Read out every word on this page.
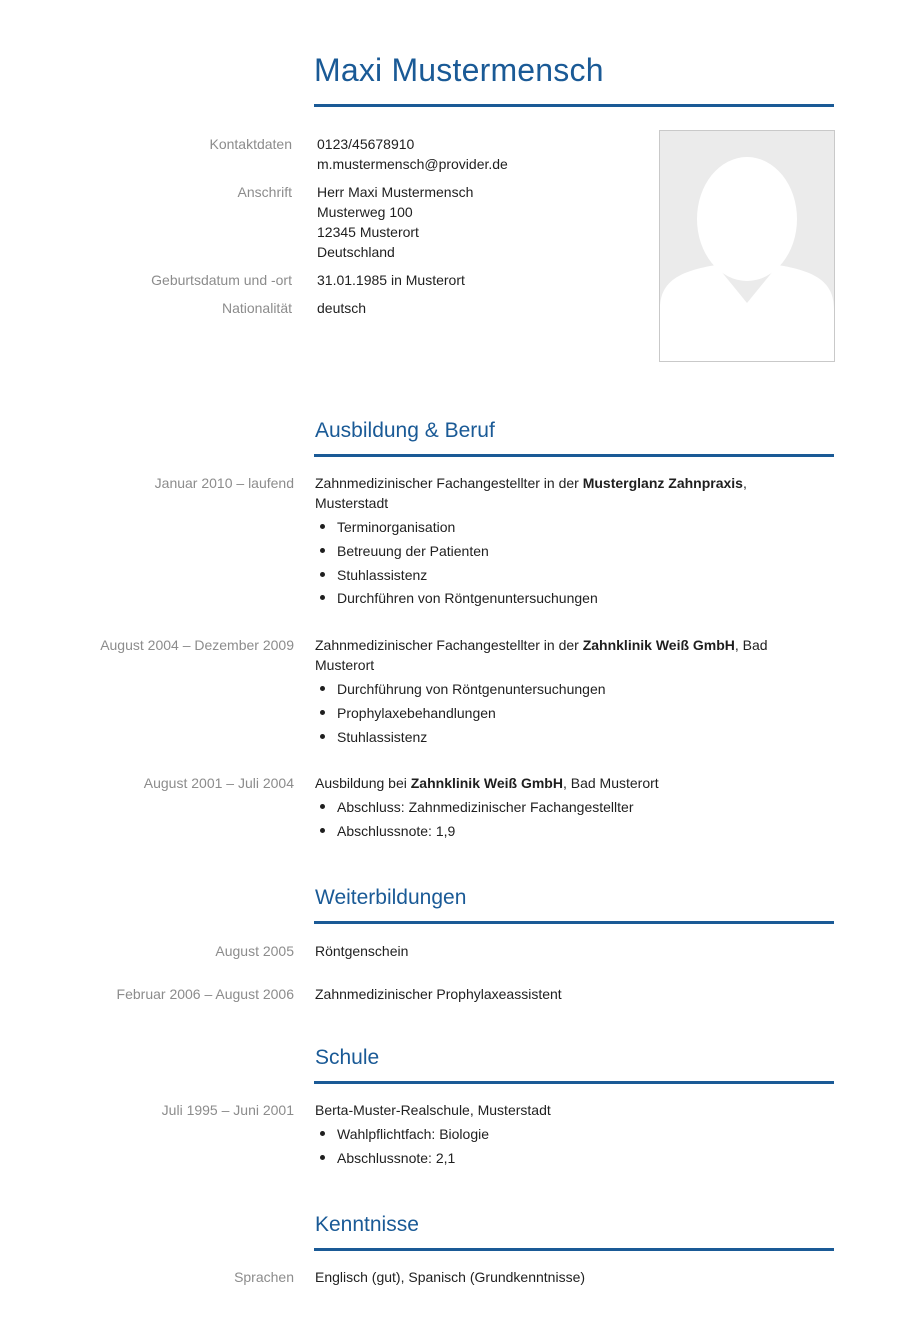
Maxi Mustermensch
Kontaktdaten 0123/45678910
m.mustermensch@provider.de
Anschrift Herr Maxi Mustermensch
Musterweg 100
12345 Musterort
Deutschland
Geburtsdatum und -ort 31.01.1985 in Musterort
Nationalität deutsch
Ausbildung & Beruf
Januar 2010 – laufend Zahnmedizinischer Fachangestellter in der Musterglanz Zahnpraxis, Musterstadt
Terminorganisation
Betreuung der Patienten
Stuhlassistenz
Durchführen von Röntgenuntersuchungen
August 2004 – Dezember 2009 Zahnmedizinischer Fachangestellter in der Zahnklinik Weiß GmbH, Bad Musterort
Durchführung von Röntgenuntersuchungen
Prophylaxebehandlungen
Stuhlassistenz
August 2001 – Juli 2004 Ausbildung bei Zahnklinik Weiß GmbH, Bad Musterort
Abschluss: Zahnmedizinischer Fachangestellter
Abschlussnote: 1,9
Weiterbildungen
August 2005 Röntgenschein
Februar 2006 – August 2006 Zahnmedizinischer Prophylaxeassistent
Schule
Juli 1995 – Juni 2001 Berta-Muster-Realschule, Musterstadt
Wahlpflichtfach: Biologie
Abschlussnote: 2,1
Kenntnisse
Sprachen Englisch (gut), Spanisch (Grundkenntnisse)
